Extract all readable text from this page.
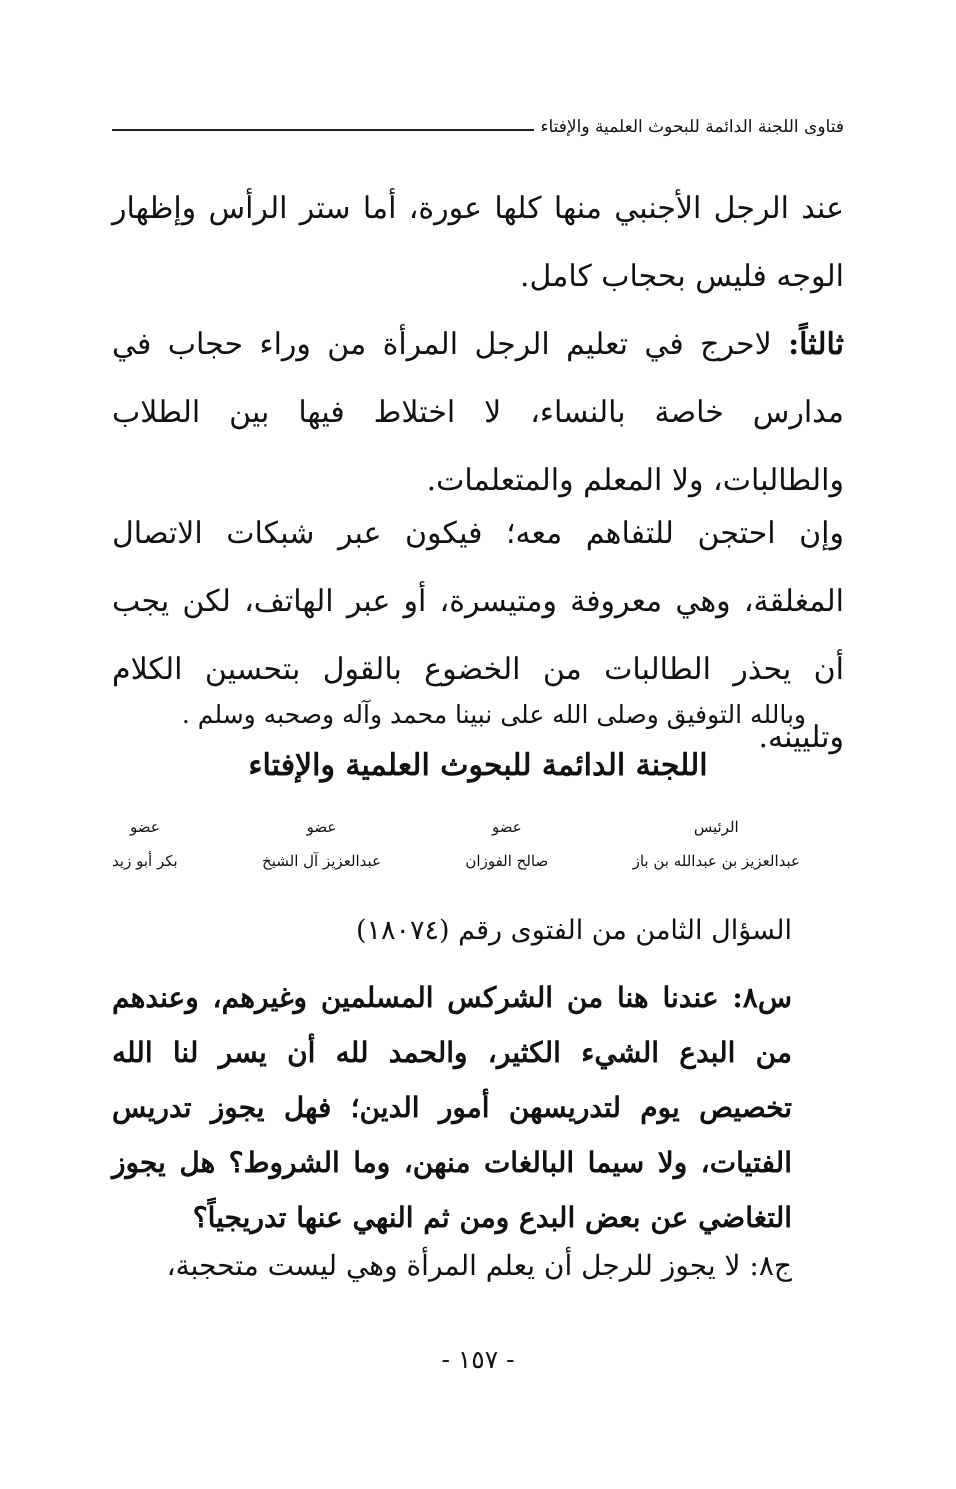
فتاوى اللجنة الدائمة للبحوث العلمية والإفتاء

عند الرجل الأجنبي منها كلها عورة، أما ستر الرأس وإظهار الوجه فليس بحجاب كامل.

ثالثاً: لاحرج في تعليم الرجل المرأة من وراء حجاب في مدارس خاصة بالنساء، لا اختلاط فيها بين الطلاب والطالبات، ولا المعلم والمتعلمات.

وإن احتجن للتفاهم معه؛ فيكون عبر شبكات الاتصال المغلقة، وهي معروفة ومتيسرة، أو عبر الهاتف، لكن يجب أن يحذر الطالبات من الخضوع بالقول بتحسين الكلام وتليينه.

وبالله التوفيق وصلى الله على نبينا محمد وآله وصحبه وسلم .

اللجنة الدائمة للبحوث العلمية والإفتاء

الرئيس
عبدالعزيز بن عبدالله بن باز
عضو
صالح الفوزان
عضو
عبدالعزيز آل الشيخ
عضو
بكر أبو زيد

السؤال الثامن من الفتوى رقم (١٨٠٧٤)

س٨: عندنا هنا من الشركس المسلمين وغيرهم، وعندهم من البدع الشيء الكثير، والحمد لله أن يسر لنا الله تخصيص يوم لتدريسهن أمور الدين؛ فهل يجوز تدريس الفتيات، ولا سيما البالغات منهن، وما الشروط؟ هل يجوز التغاضي عن بعض البدع ومن ثم النهي عنها تدريجياً؟

ج٨: لا يجوز للرجل أن يعلم المرأة وهي ليست متحجبة،

- ١٥٧ -
